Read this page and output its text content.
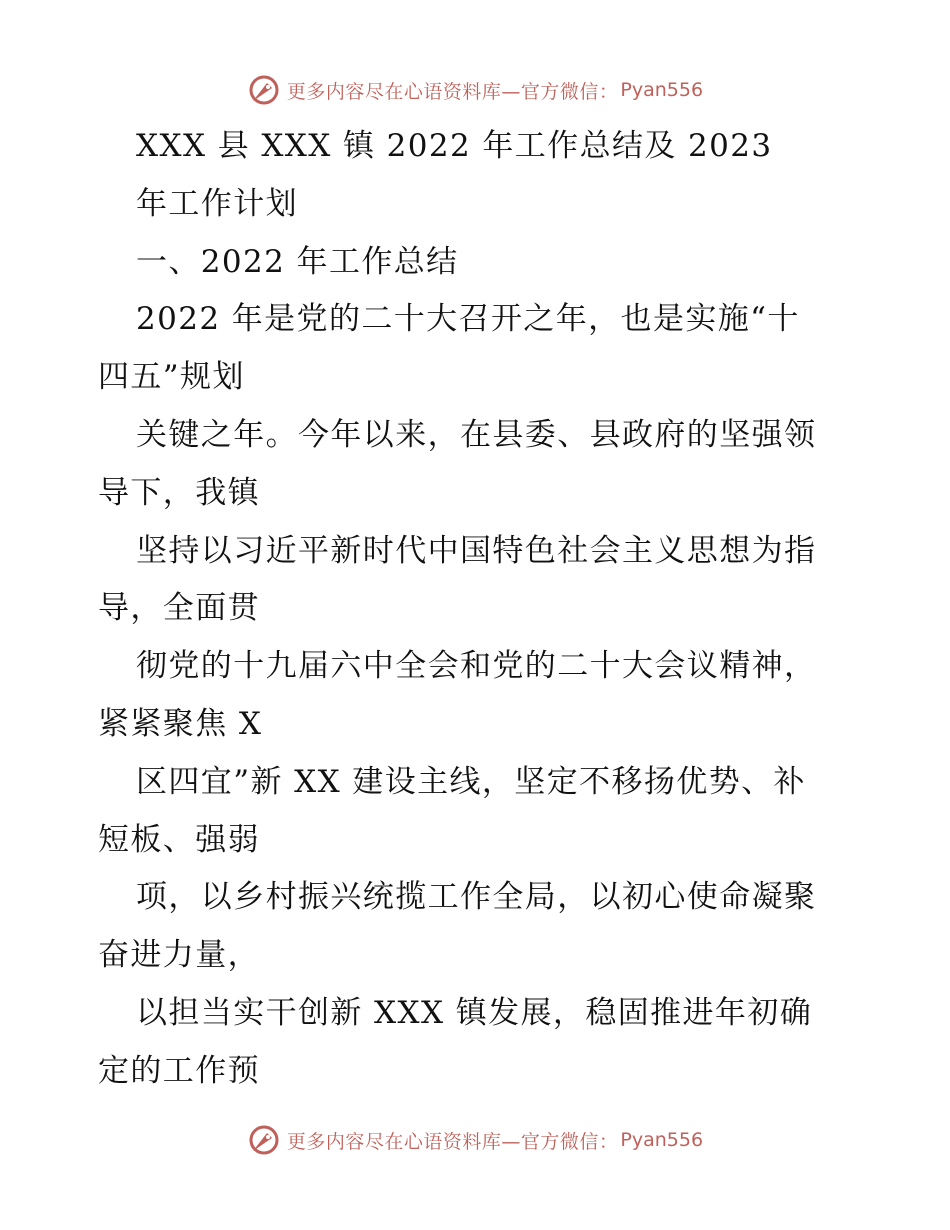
更多内容尽在心语资料库—官方微信： Pyan556
XXX 县 XXX 镇 2022 年工作总结及 2023
年工作计划
一、2022 年工作总结
2022 年是党的二十大召开之年，也是实施“十
四五”规划
关键之年。今年以来，在县委、县政府的坚强领
导下，我镇
坚持以习近平新时代中国特色社会主义思想为指
导，全面贯
彻党的十九届六中全会和党的二十大会议精神，
紧紧聚焦 X
区四宜”新 XX 建设主线，坚定不移扬优势、补
短板、强弱
项，以乡村振兴统揽工作全局，以初心使命凝聚
奋进力量，
以担当实干创新 XXX 镇发展，稳固推进年初确
定的工作预
更多内容尽在心语资料库—官方微信： Pyan556
